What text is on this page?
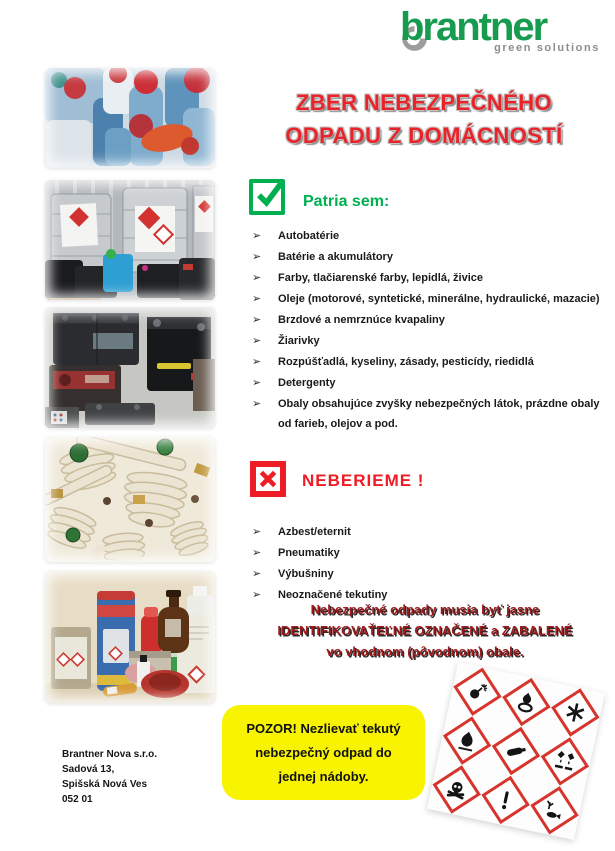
brantner
green solutions
ZBER NEBEZPEČNÉHO
ODPADU Z DOMÁCNOSTÍ
Patria sem:
➢	Autobatérie
➢	Batérie a akumulátory
➢	Farby, tlačiarenské farby, lepidlá, živice
➢	Oleje (motorové, syntetické, minerálne, hydraulické, mazacie)
➢	Brzdové a nemrznúce kvapaliny
➢	Žiarivky
➢	Rozpúšťadlá, kyseliny, zásady, pesticídy, riedidlá
➢	Detergenty
➢	Obaly obsahujúce zvyšky nebezpečných látok, prázdne obaly od farieb, olejov a pod.
NEBERIEME !
➢	Azbest/eternit
➢	Pneumatiky
➢	Výbušniny
➢	Neoznačené tekutiny
Nebezpečné odpady musia byť jasne
IDENTIFIKOVAŤEĽNÉ OZNAČENÉ a ZABALENÉ
vo vhodnom (pôvodnom) obale.
POZOR! Nezlievať tekutý
nebezpečný odpad do
jednej nádoby.
Brantner Nova s.r.o.
Sadová 13,
Spišská Nová Ves
052 01
